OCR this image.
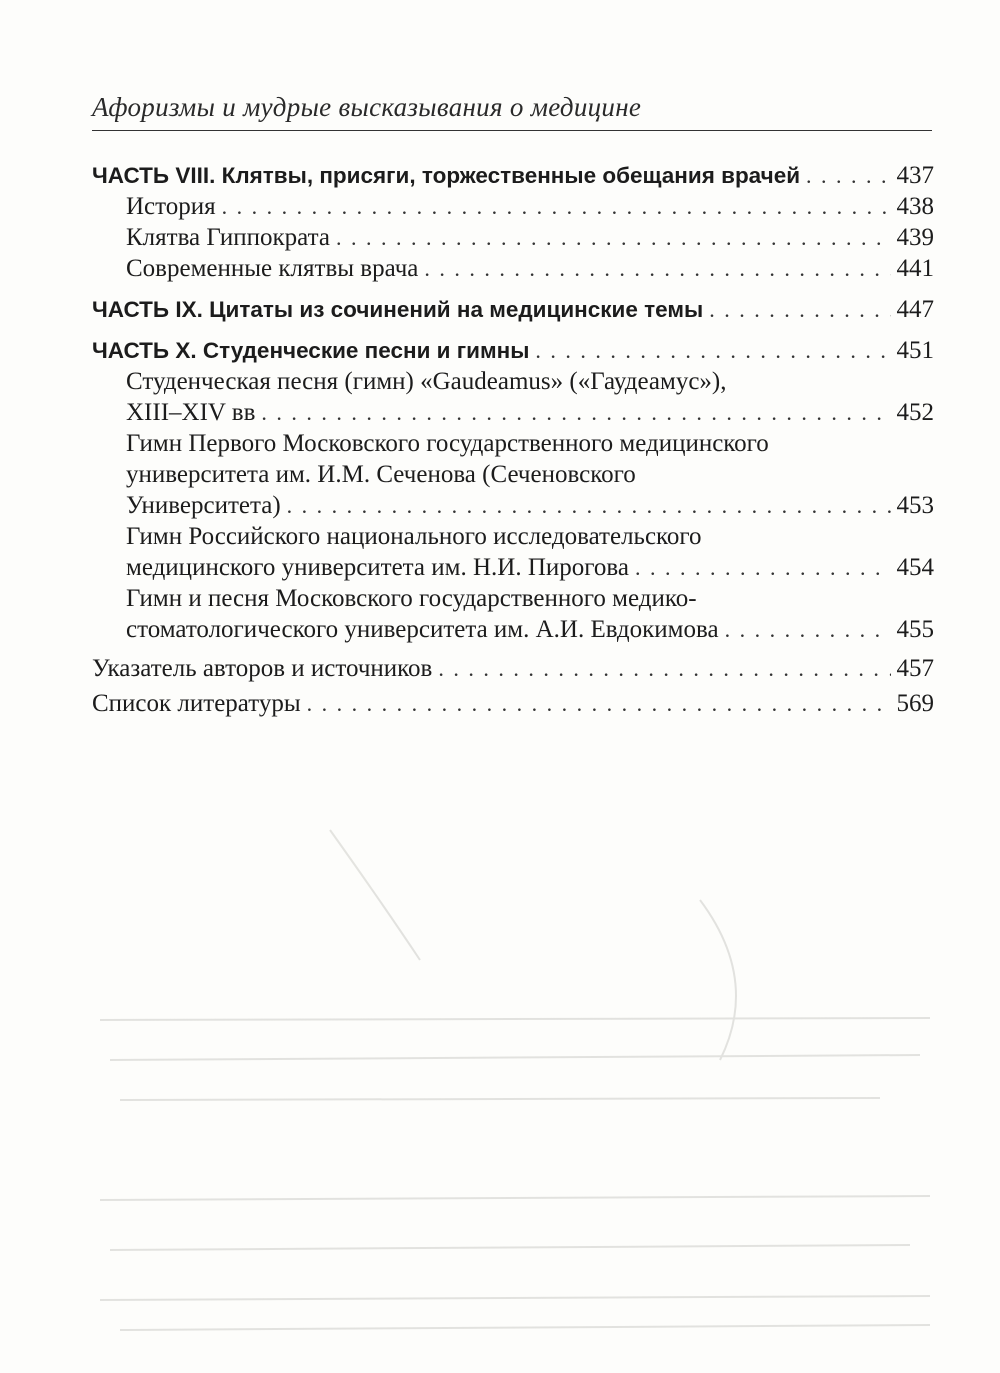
Афоризмы и мудрые высказывания о медицине
ЧАСТЬ VIII. Клятвы, присяги, торжественные обещания врачей . . .	437
История . . .	438
Клятва Гиппократа . . .	439
Современные клятвы врача . . .	441
ЧАСТЬ IX. Цитаты из сочинений на медицинские темы . . .	447
ЧАСТЬ X. Студенческие песни и гимны . . .	451
Студенческая песня (гимн) «Gaudeamus» («Гаудеамус»),
XIII–XIV вв . . .	452
Гимн Первого Московского государственного медицинского
университета им. И.М. Сеченова (Сеченовского
Университета) . . .	453
Гимн Российского национального исследовательского
медицинского университета им. Н.И. Пирогова . . .	454
Гимн и песня Московского государственного медико-
стоматологического университета им. А.И. Евдокимова . . .	455
Указатель авторов и источников . . .	457
Список литературы . . .	569
